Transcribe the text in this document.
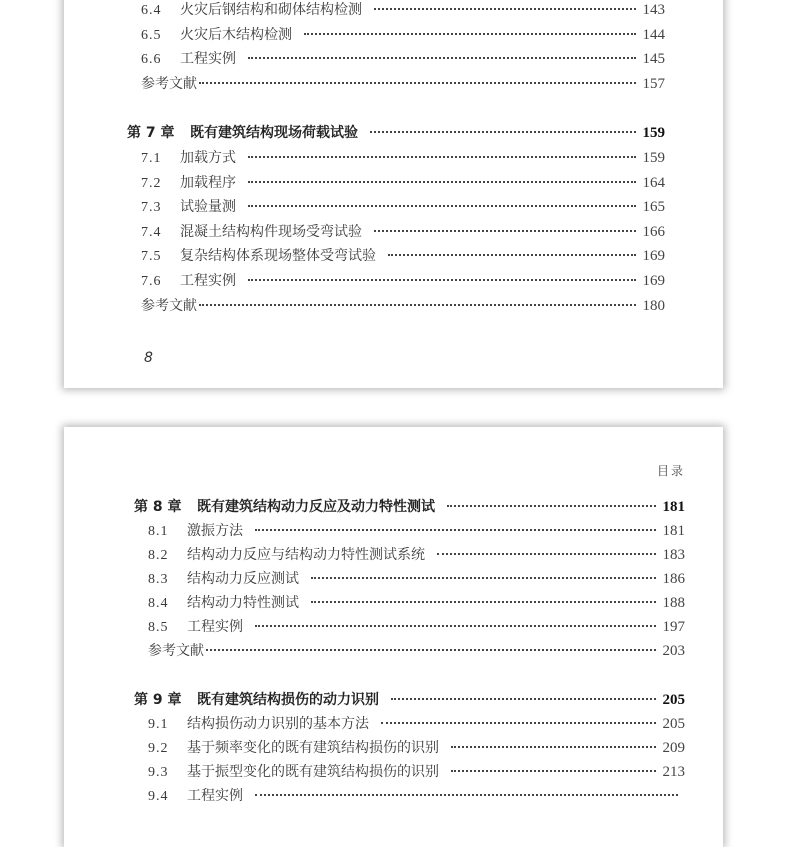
6.4	火灾后钢结构和砌体结构检测	143
6.5	火灾后木结构检测	144
6.6	工程实例	145
参考文献	157
第 7 章	既有建筑结构现场荷载试验	159
7.1	加载方式	159
7.2	加载程序	164
7.3	试验量测	165
7.4	混凝土结构构件现场受弯试验	166
7.5	复杂结构体系现场整体受弯试验	169
7.6	工程实例	169
参考文献	180
8
目录
第 8 章	既有建筑结构动力反应及动力特性测试	181
8.1	激振方法	181
8.2	结构动力反应与结构动力特性测试系统	183
8.3	结构动力反应测试	186
8.4	结构动力特性测试	188
8.5	工程实例	197
参考文献	203
第 9 章	既有建筑结构损伤的动力识别	205
9.1	结构损伤动力识别的基本方法	205
9.2	基于频率变化的既有建筑结构损伤的识别	209
9.3	基于振型变化的既有建筑结构损伤的识别	213
9.4	工程实例
